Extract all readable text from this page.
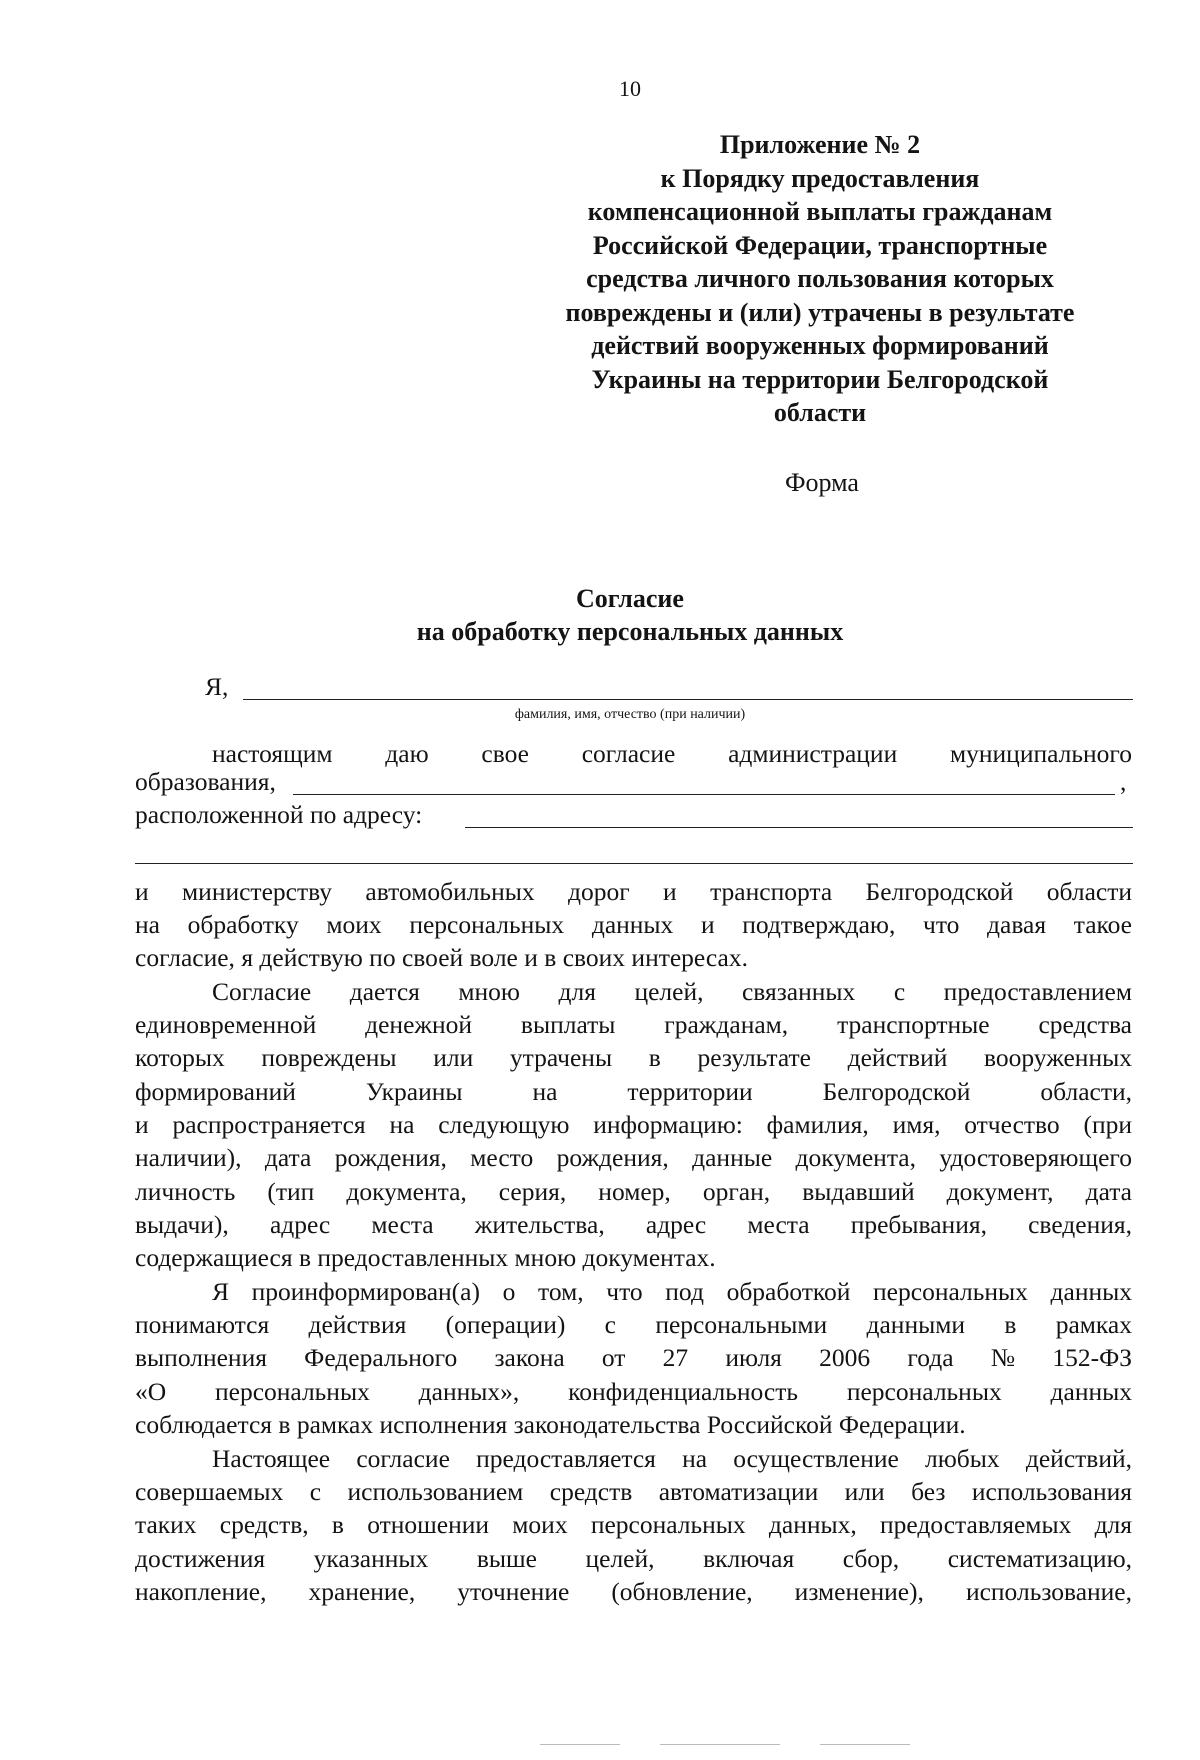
10
Приложение № 2
к Порядку предоставления
компенсационной выплаты гражданам
Российской Федерации, транспортные
средства личного пользования которых
повреждены и (или) утрачены в результате
действий вооруженных формирований
Украины на территории Белгородской
области
Форма
Согласие
на обработку персональных данных
Я,
фамилия, имя, отчество (при наличии)
настоящим даю свое согласие администрации муниципального
образования,	,
расположенной по адресу:
и министерству автомобильных дорог и транспорта Белгородской области
на обработку моих персональных данных и подтверждаю, что давая такое
согласие, я действую по своей воле и в своих интересах.
Согласие дается мною для целей, связанных с предоставлением
единовременной денежной выплаты гражданам, транспортные средства
которых повреждены или утрачены в результате действий вооруженных
формирований	Украины	на	территории	Белгородской	области,
и распространяется на следующую информацию: фамилия, имя, отчество (при
наличии), дата рождения, место рождения, данные документа, удостоверяющего
личность (тип документа, серия, номер, орган, выдавший документ, дата
выдачи), адрес места жительства, адрес места пребывания, сведения,
содержащиеся в предоставленных мною документах.
Я проинформирован(а) о том, что под обработкой персональных данных
понимаются действия (операции) с персональными данными в рамках
выполнения Федерального закона от 27 июля 2006 года № 152-ФЗ
«О персональных данных», конфиденциальность персональных данных
соблюдается в рамках исполнения законодательства Российской Федерации.
Настоящее согласие предоставляется на осуществление любых действий,
совершаемых с использованием средств автоматизации или без использования
таких средств, в отношении моих персональных данных, предоставляемых для
достижения указанных выше целей, включая сбор, систематизацию,
накопление, хранение, уточнение (обновление, изменение), использование,
